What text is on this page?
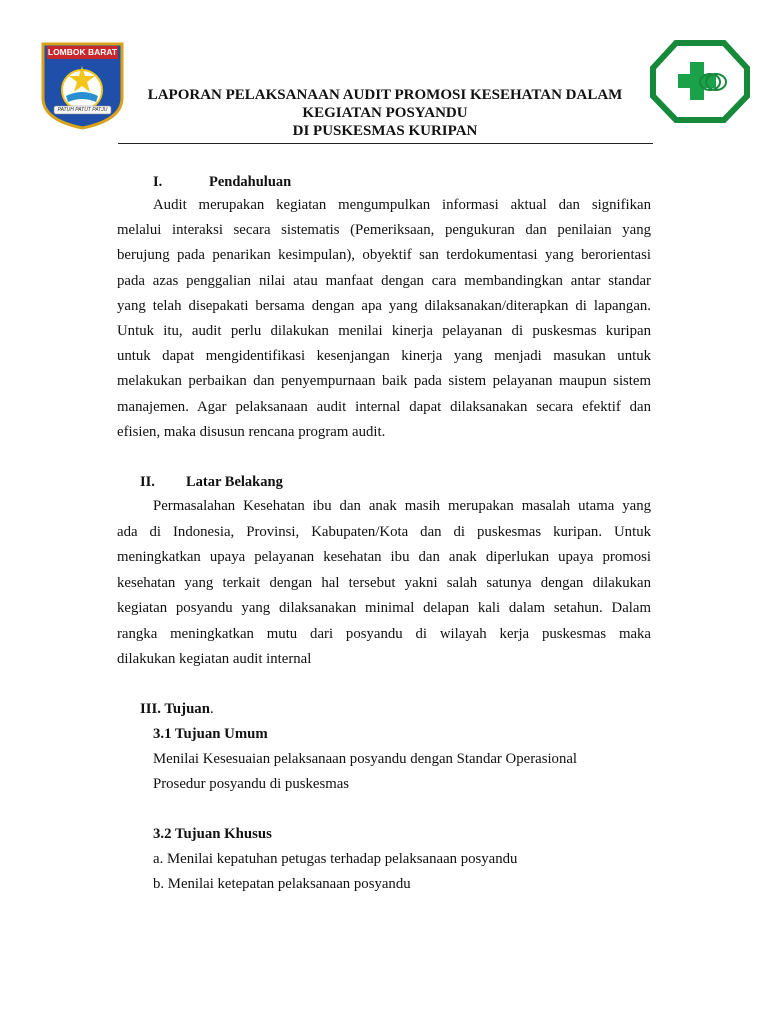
LOMBOK BARAT
PATUH PATUT PATJU
LAPORAN PELAKSANAAN AUDIT PROMOSI KESEHATAN DALAM
KEGIATAN POSYANDU
DI PUSKESMAS KURIPAN
I.	Pendahuluan
Audit merupakan kegiatan mengumpulkan informasi aktual dan signifikan
melalui interaksi secara sistematis (Pemeriksaan, pengukuran dan penilaian yang
berujung pada penarikan kesimpulan), obyektif san terdokumentasi yang berorientasi
pada azas penggalian nilai atau manfaat dengan cara membandingkan antar standar
yang telah disepakati bersama dengan apa yang dilaksanakan/diterapkan di lapangan.
Untuk itu, audit perlu dilakukan menilai kinerja pelayanan di puskesmas kuripan
untuk dapat mengidentifikasi kesenjangan kinerja yang menjadi masukan untuk
melakukan perbaikan dan penyempurnaan baik pada sistem pelayanan maupun sistem
manajemen. Agar pelaksanaan audit internal dapat dilaksanakan secara efektif dan
efisien, maka disusun rencana program audit.
II. Latar Belakang
Permasalahan Kesehatan ibu dan anak masih merupakan masalah utama yang
ada di Indonesia, Provinsi, Kabupaten/Kota dan di puskesmas kuripan. Untuk
meningkatkan upaya pelayanan kesehatan ibu dan anak diperlukan upaya promosi
kesehatan yang terkait dengan hal tersebut yakni salah satunya dengan dilakukan
kegiatan posyandu yang dilaksanakan minimal delapan kali dalam setahun. Dalam
rangka meningkatkan mutu dari posyandu di wilayah kerja puskesmas maka
dilakukan kegiatan audit internal
III. Tujuan.
3.1 Tujuan Umum
Menilai Kesesuaian pelaksanaan posyandu dengan Standar Operasional
Prosedur posyandu di puskesmas
3.2 Tujuan Khusus
a. Menilai kepatuhan petugas terhadap pelaksanaan posyandu
b. Menilai ketepatan pelaksanaan posyandu
